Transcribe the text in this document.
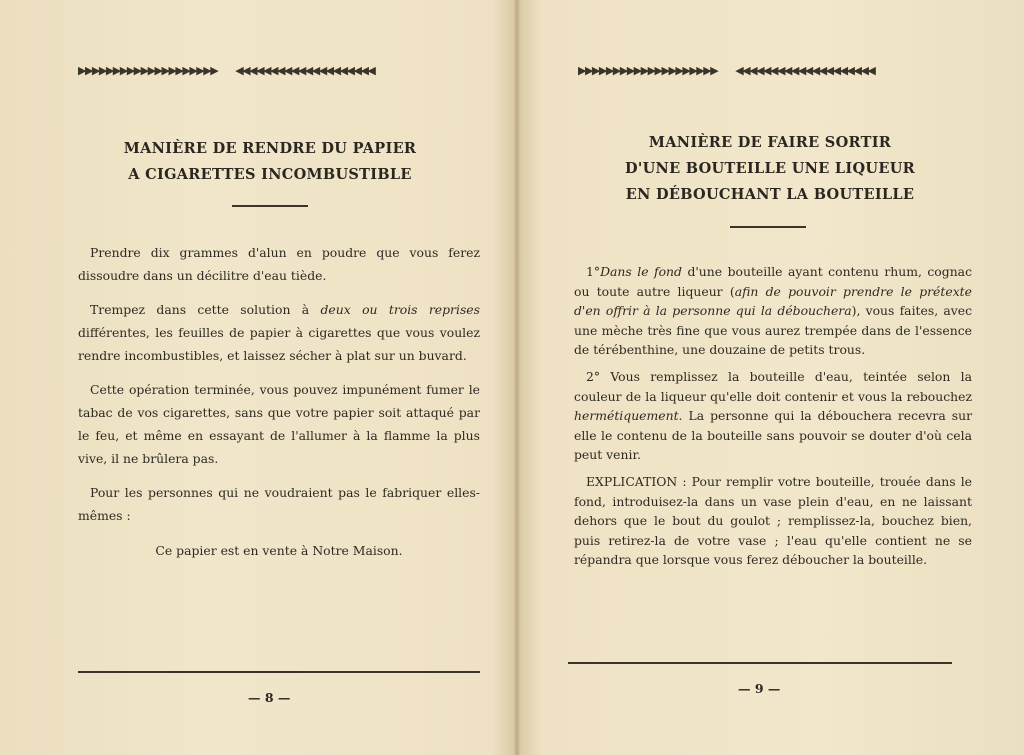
▶▶▶▶▶▶▶▶▶▶▶▶▶▶▶▶▶▶▶▶ ◀◀◀◀◀◀◀◀◀◀◀◀◀◀◀◀◀◀◀◀
MANIÈRE DE RENDRE DU PAPIER
A CIGARETTES INCOMBUSTIBLE

Prendre dix grammes d'alun en poudre que vous ferez dissoudre dans un décilitre d'eau tiède.

Trempez dans cette solution à deux ou trois reprises différentes, les feuilles de papier à cigarettes que vous voulez rendre incombustibles, et laissez sécher à plat sur un buvard.

Cette opération terminée, vous pouvez impunément fumer le tabac de vos cigarettes, sans que votre papier soit attaqué par le feu, et même en essayant de l'allumer à la flamme la plus vive, il ne brûlera pas.

Pour les personnes qui ne voudraient pas le fabriquer elles-mêmes :

Ce papier est en vente à Notre Maison.

— 8 —
▶▶▶▶▶▶▶▶▶▶▶▶▶▶▶▶▶▶▶▶ ◀◀◀◀◀◀◀◀◀◀◀◀◀◀◀◀◀◀◀◀
MANIÈRE DE FAIRE SORTIR
D'UNE BOUTEILLE UNE LIQUEUR
EN DÉBOUCHANT LA BOUTEILLE

1°Dans le fond d'une bouteille ayant contenu rhum, cognac ou toute autre liqueur (afin de pouvoir prendre le prétexte d'en offrir à la personne qui la déboucherа), vous faites, avec une mèche très fine que vous aurez trempée dans de l'essence de térébenthine, une douzaine de petits trous.

2° Vous remplissez la bouteille d'eau, teintée selon la couleur de la liqueur qu'elle doit contenir et vous la rebouchez hermétiquement. La personne qui la déboucherа recevra sur elle le contenu de la bouteille sans pouvoir se douter d'où cela peut venir.

EXPLICATION : Pour remplir votre bouteille, trouée dans le fond, introduisez-la dans un vase plein d'eau, en ne laissant dehors que le bout du goulot ; remplissez-la, bouchez bien, puis retirez-la de votre vase ; l'eau qu'elle contient ne se répandra que lorsque vous ferez déboucher la bouteille.

— 9 —
